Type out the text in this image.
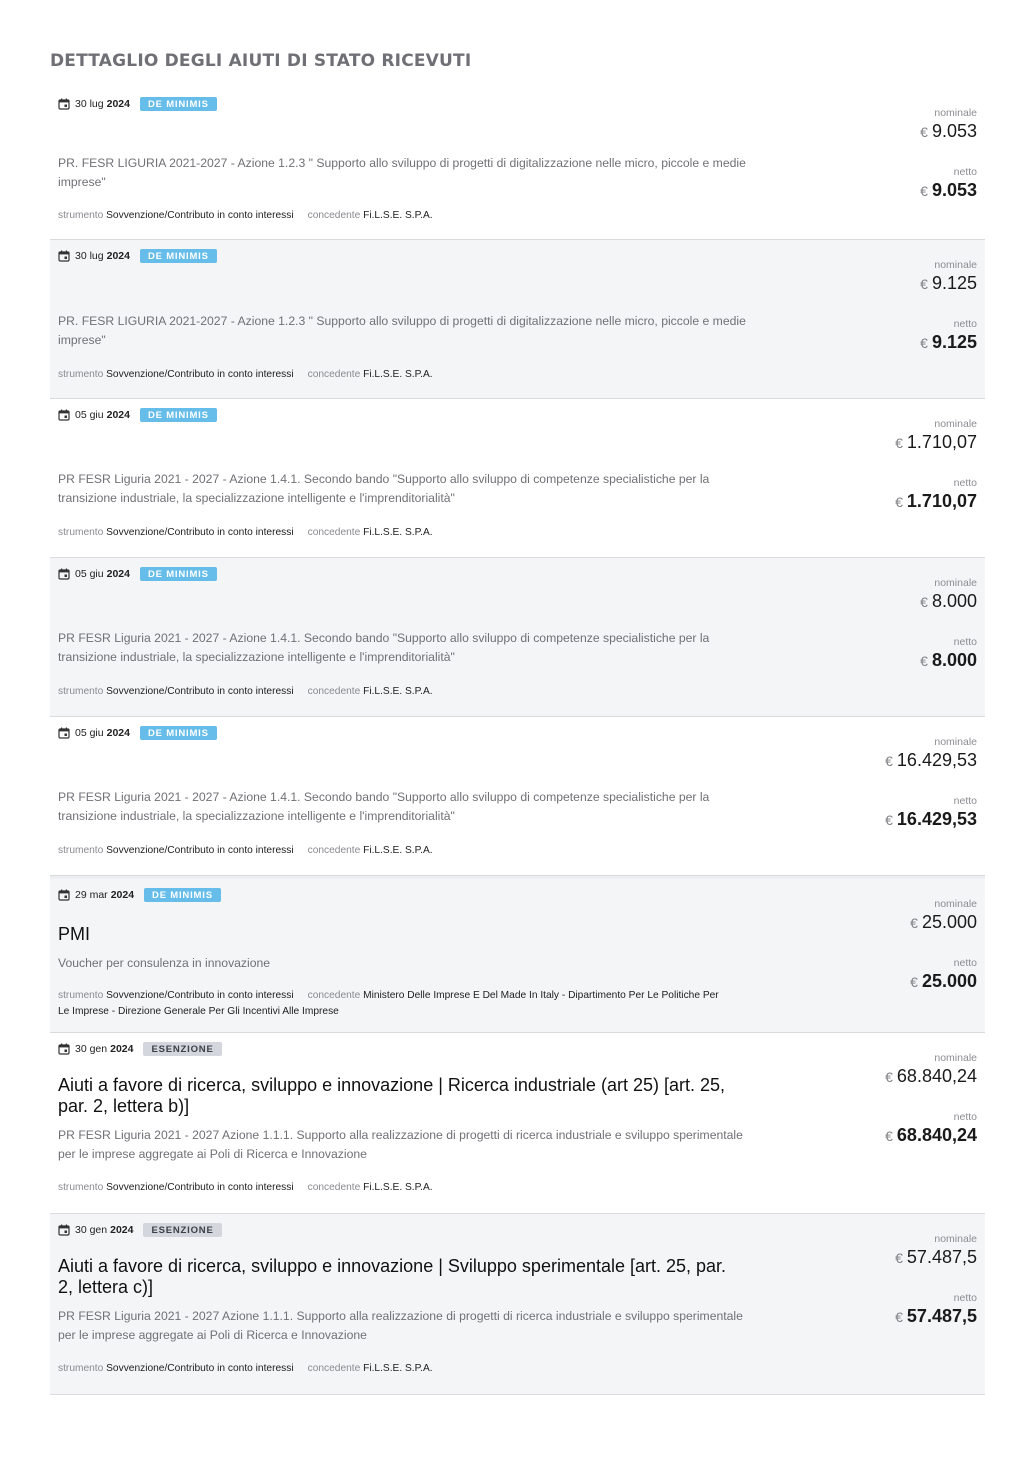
DETTAGLIO DEGLI AIUTI DI STATO RICEVUTI
30 lug 2024	DE MINIMIS

PR. FESR LIGURIA 2021-2027 - Azione 1.2.3 " Supporto allo sviluppo di progetti di digitalizzazione nelle micro, piccole e medie imprese"

strumento Sovvenzione/Contributo in conto interessi concedente Fi.L.S.E. S.P.A.
nominale
€ 9.053
netto
€ 9.053
30 lug 2024	DE MINIMIS

PR. FESR LIGURIA 2021-2027 - Azione 1.2.3 " Supporto allo sviluppo di progetti di digitalizzazione nelle micro, piccole e medie imprese"

strumento Sovvenzione/Contributo in conto interessi concedente Fi.L.S.E. S.P.A.
nominale
€ 9.125
netto
€ 9.125
05 giu 2024	DE MINIMIS

PR FESR Liguria 2021 - 2027 - Azione 1.4.1. Secondo bando "Supporto allo sviluppo di competenze specialistiche per la transizione industriale, la specializzazione intelligente e l'imprenditorialità"

strumento Sovvenzione/Contributo in conto interessi concedente Fi.L.S.E. S.P.A.
nominale
€ 1.710,07
netto
€ 1.710,07
05 giu 2024	DE MINIMIS

PR FESR Liguria 2021 - 2027 - Azione 1.4.1. Secondo bando "Supporto allo sviluppo di competenze specialistiche per la transizione industriale, la specializzazione intelligente e l'imprenditorialità"

strumento Sovvenzione/Contributo in conto interessi concedente Fi.L.S.E. S.P.A.
nominale
€ 8.000
netto
€ 8.000
05 giu 2024	DE MINIMIS

PR FESR Liguria 2021 - 2027 - Azione 1.4.1. Secondo bando "Supporto allo sviluppo di competenze specialistiche per la transizione industriale, la specializzazione intelligente e l'imprenditorialità"

strumento Sovvenzione/Contributo in conto interessi concedente Fi.L.S.E. S.P.A.
nominale
€ 16.429,53
netto
€ 16.429,53
29 mar 2024	DE MINIMIS
PMI

Voucher per consulenza in innovazione

strumento Sovvenzione/Contributo in conto interessi concedente Ministero Delle Imprese E Del Made In Italy - Dipartimento Per Le Politiche Per Le Imprese - Direzione Generale Per Gli Incentivi Alle Imprese
nominale
€ 25.000
netto
€ 25.000
30 gen 2024	ESENZIONE
Aiuti a favore di ricerca, sviluppo e innovazione | Ricerca industriale (art 25) [art. 25, par. 2, lettera b)]

PR FESR Liguria 2021 - 2027 Azione 1.1.1. Supporto alla realizzazione di progetti di ricerca industriale e sviluppo sperimentale per le imprese aggregate ai Poli di Ricerca e Innovazione

strumento Sovvenzione/Contributo in conto interessi concedente Fi.L.S.E. S.P.A.
nominale
€ 68.840,24
netto
€ 68.840,24
30 gen 2024	ESENZIONE
Aiuti a favore di ricerca, sviluppo e innovazione | Sviluppo sperimentale [art. 25, par. 2, lettera c)]

PR FESR Liguria 2021 - 2027 Azione 1.1.1. Supporto alla realizzazione di progetti di ricerca industriale e sviluppo sperimentale per le imprese aggregate ai Poli di Ricerca e Innovazione

strumento Sovvenzione/Contributo in conto interessi concedente Fi.L.S.E. S.P.A.
nominale
€ 57.487,5
netto
€ 57.487,5
